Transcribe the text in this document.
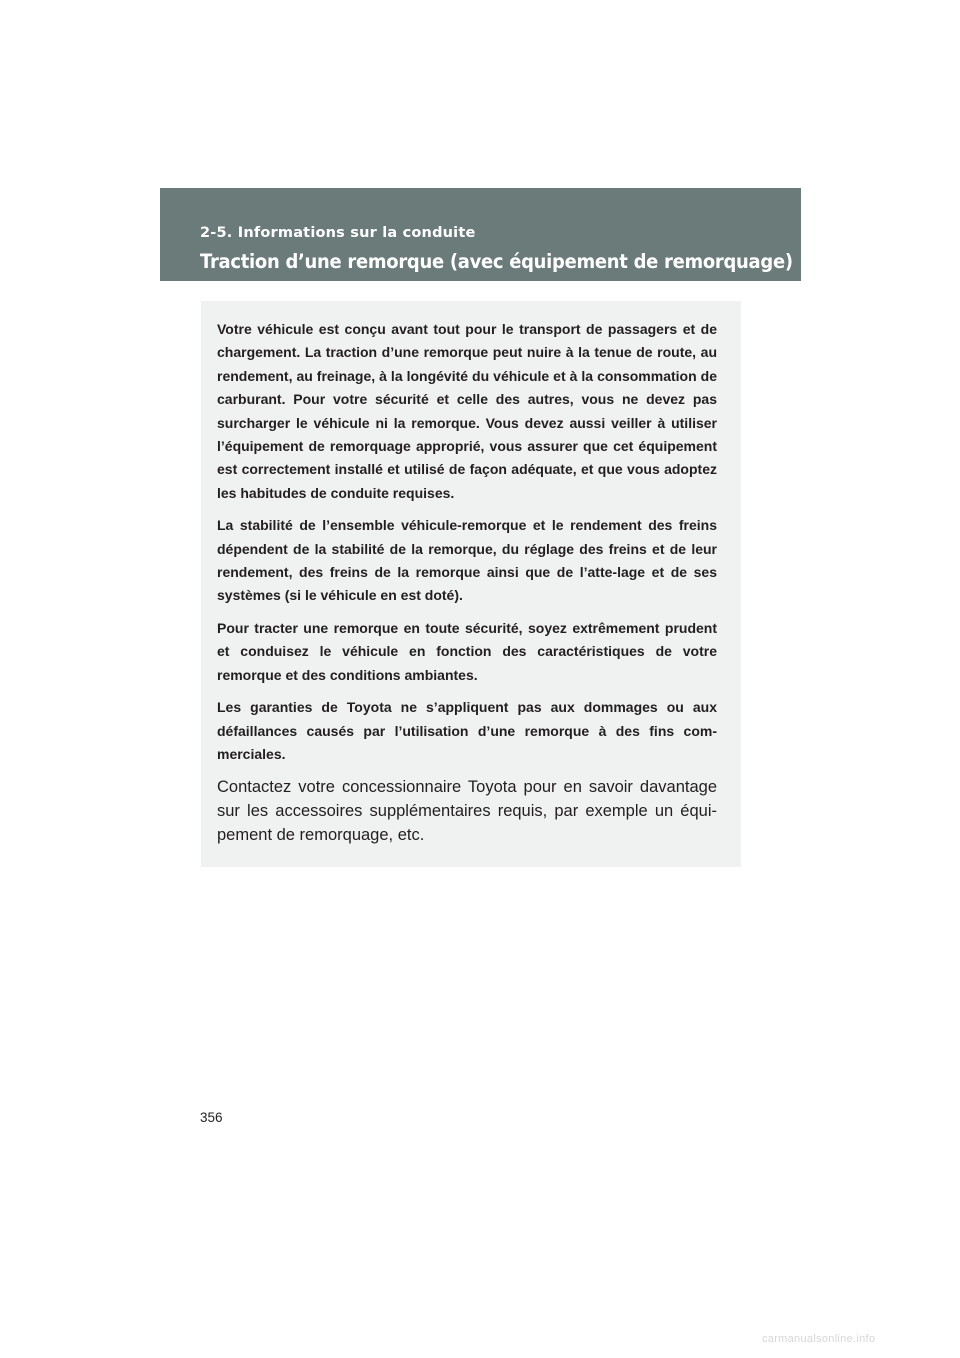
2-5. Informations sur la conduite
Traction d’une remorque (avec équipement de remorquage)

Votre véhicule est conçu avant tout pour le transport de passagers et de chargement. La traction d’une remorque peut nuire à la tenue de route, au rendement, au freinage, à la longévité du véhicule et à la consommation de carburant. Pour votre sécurité et celle des autres, vous ne devez pas surcharger le véhicule ni la remorque. Vous devez aussi veiller à utiliser l’équipement de remorquage approprié, vous assurer que cet équipement est correctement installé et utilisé de façon adéquate, et que vous adoptez les habitudes de conduite requises.

La stabilité de l’ensemble véhicule-remorque et le rendement des freins dépendent de la stabilité de la remorque, du réglage des freins et de leur rendement, des freins de la remorque ainsi que de l’atte-lage et de ses systèmes (si le véhicule en est doté).

Pour tracter une remorque en toute sécurité, soyez extrêmement prudent et conduisez le véhicule en fonction des caractéristiques de votre remorque et des conditions ambiantes.

Les garanties de Toyota ne s’appliquent pas aux dommages ou aux défaillances causés par l’utilisation d’une remorque à des fins com-merciales.

Contactez votre concessionnaire Toyota pour en savoir davantage sur les accessoires supplémentaires requis, par exemple un équi-pement de remorquage, etc.

356
carmanualsonline.info
